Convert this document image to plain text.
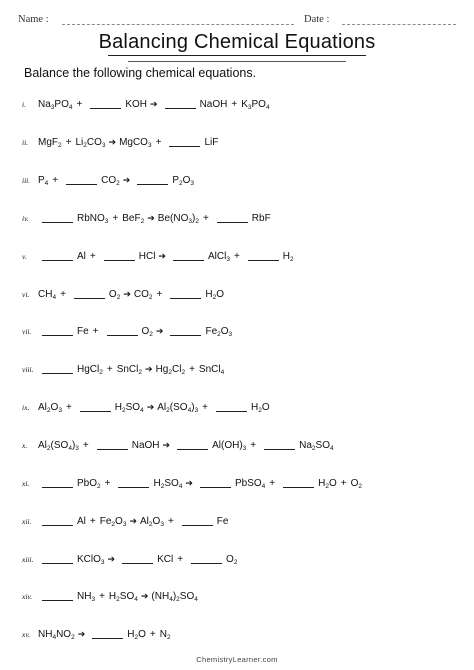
Name :	Date :
Balancing Chemical Equations
Balance the following chemical equations.
i.	$Na_3PO_4$ +	KOH ➔	NaOH + $K_3PO_4$
ii. $MgF_2 + Li_2CO_3$ ➔ MgCO$_3$ +	LiF
iii. $P_4$ +	$CO_2$ ➔	$P_2O_3$
iv.	RbNO$_3$ + BeF$_2$ ➔ $Be(NO_3)_2$ +	RbF
v.	Al +	HCl ➔	AlCl$_3$ +	$H_2$
vi. $CH_4$ +	$O_2$ ➔ $CO_2$ +	$H_2O$
vii.	Fe +	$O_2$ ➔	$Fe_2O_3$
viii.	HgCl$_2$ + SnCl$_2$ ➔ $Hg_2Cl_2$ + SnCl$_4$
ix. $Al_2O_3$ +	$H_2SO_4$ ➔ $Al_2(SO_4)_3$ +	$H_2O$
x.	$Al_2(SO_4)_3$ +	NaOH ➔	$Al(OH)_3$ +	$Na_2SO_4$
xi.	PbO$_2$ +	$H_2SO_4$ ➔	PbSO$_4$ +	$H_2O + O_2$
xii.	$Al + Fe_2O_3$ ➔ $Al_2O_3$ +	Fe
xiii.	KClO$_3$ ➔	KCl +	$O_2$
xiv.	$NH_3 + H_2SO_4$ ➔ $(NH_4)_2SO_4$
xv. $NH_4NO_2$ ➔	$H_2O + N_2$
ChemistryLearner.com
